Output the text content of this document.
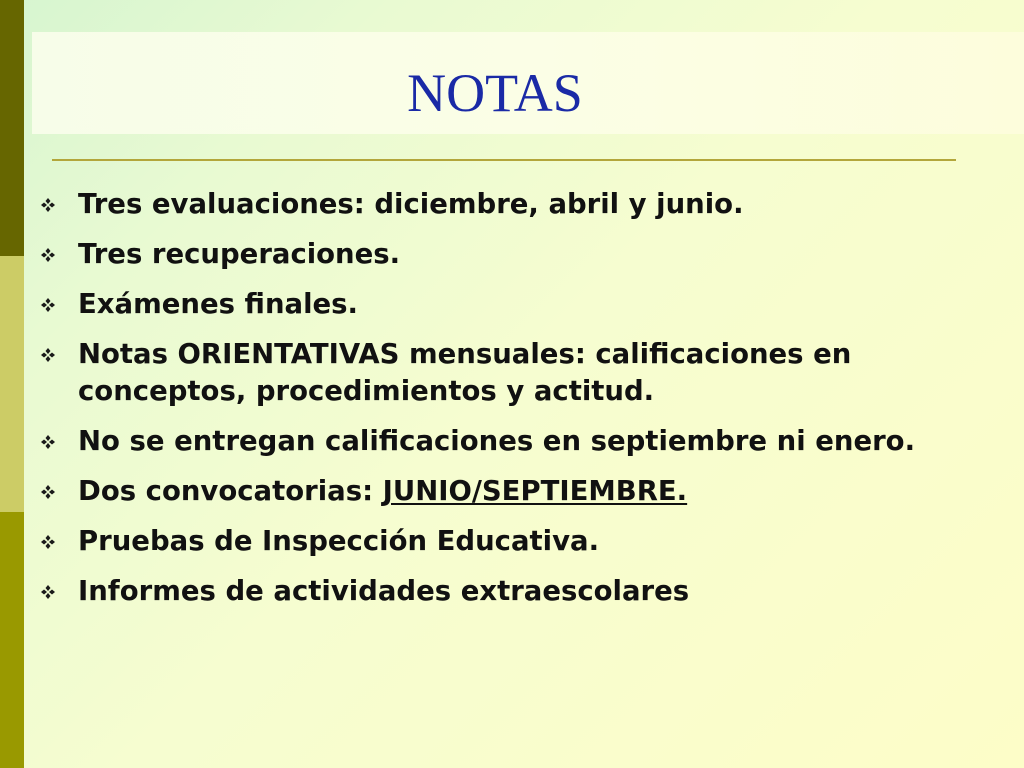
NOTAS
Tres evaluaciones: diciembre, abril y junio.
Tres recuperaciones.
Exámenes finales.
Notas ORIENTATIVAS mensuales: calificaciones en conceptos, procedimientos y actitud.
No se entregan calificaciones en septiembre ni enero.
Dos convocatorias: JUNIO/SEPTIEMBRE.
Pruebas de Inspección Educativa.
Informes de actividades extraescolares
